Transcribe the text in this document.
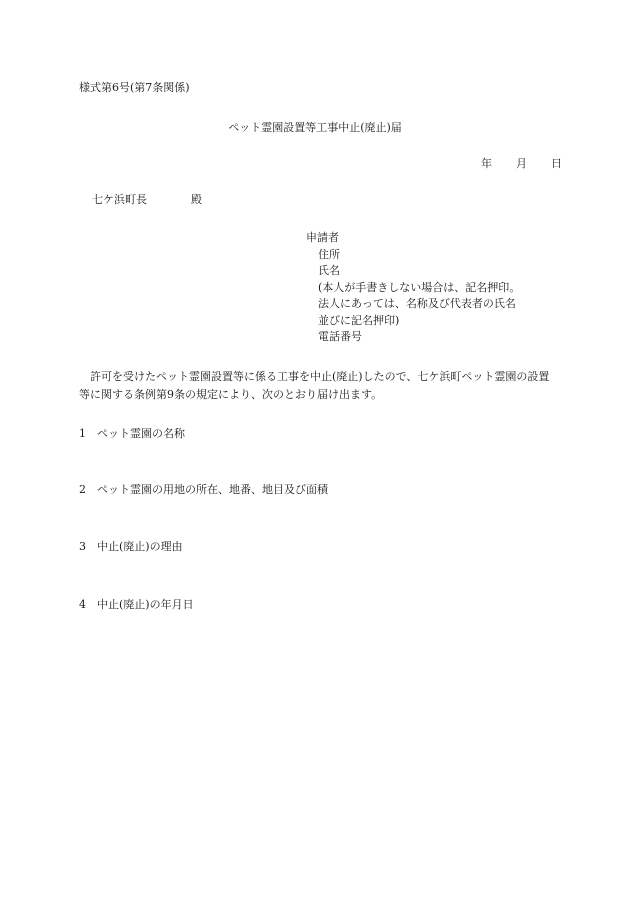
様式第6号(第7条関係)
ペット霊園設置等工事中止(廃止)届
年 月 日
七ケ浜町長	殿
申請者
住所
氏名
(本人が手書きしない場合は、記名押印。
法人にあっては、名称及び代表者の氏名
並びに記名押印)
電話番号

許可を受けたペット霊園設置等に係る工事を中止(廃止)したので、七ケ浜町ペット霊園の設置等に関する条例第9条の規定により、次のとおり届け出ます。

1 ペット霊園の名称
2 ペット霊園の用地の所在、地番、地目及び面積
3 中止(廃止)の理由
4 中止(廃止)の年月日
